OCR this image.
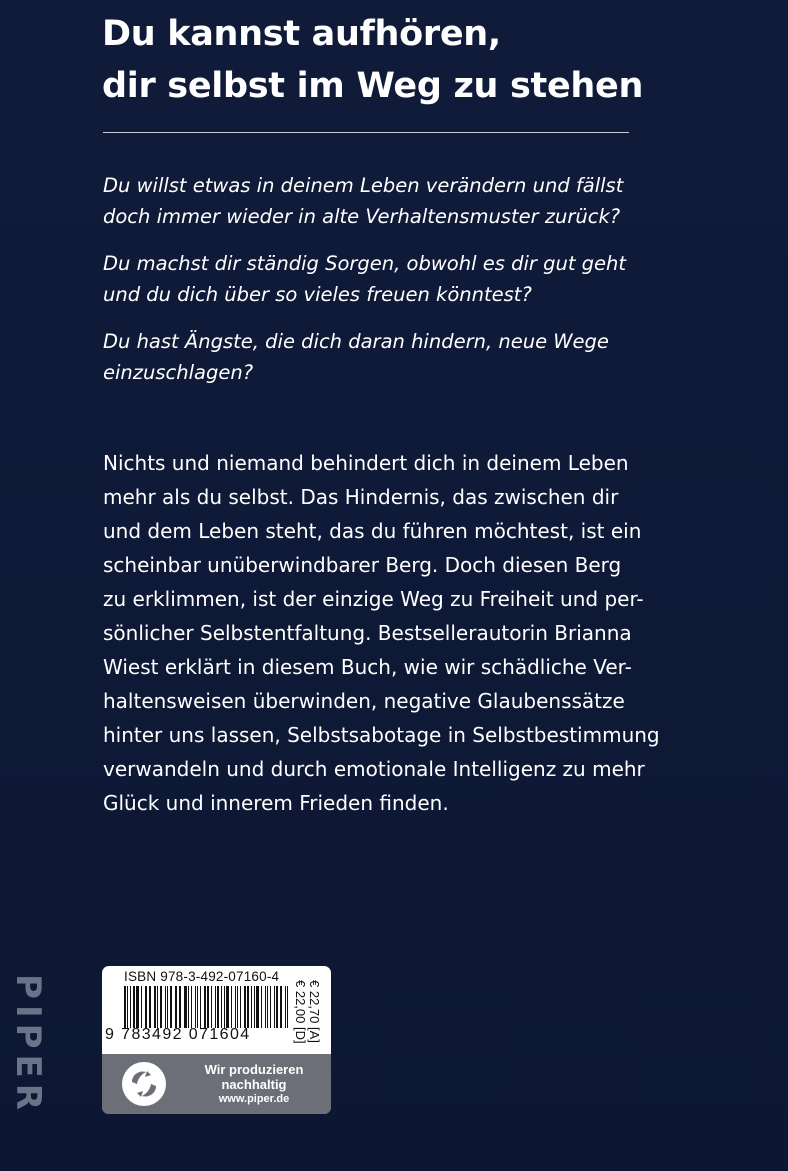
Du kannst aufhören,
dir selbst im Weg zu stehen

Du willst etwas in deinem Leben verändern und fällst
doch immer wieder in alte Verhaltensmuster zurück?

Du machst dir ständig Sorgen, obwohl es dir gut geht
und du dich über so vieles freuen könntest?

Du hast Ängste, die dich daran hindern, neue Wege
einzuschlagen?

Nichts und niemand behindert dich in deinem Leben
mehr als du selbst. Das Hindernis, das zwischen dir
und dem Leben steht, das du führen möchtest, ist ein
scheinbar unüberwindbarer Berg. Doch diesen Berg
zu erklimmen, ist der einzige Weg zu Freiheit und per-
sönlicher Selbstentfaltung. Bestsellerautorin Brianna
Wiest erklärt in diesem Buch, wie wir schädliche Ver-
haltensweisen überwinden, negative Glaubenssätze
hinter uns lassen, Selbstsabotage in Selbstbestimmung
verwandeln und durch emotionale Intelligenz zu mehr
Glück und innerem Frieden finden.
PIPER	ISBN 978-3-492-07160-4
9 783492 071604	€ 22,00 [D] € 22,70 [A]
Wir produzieren
nachhaltig
www.piper.de
